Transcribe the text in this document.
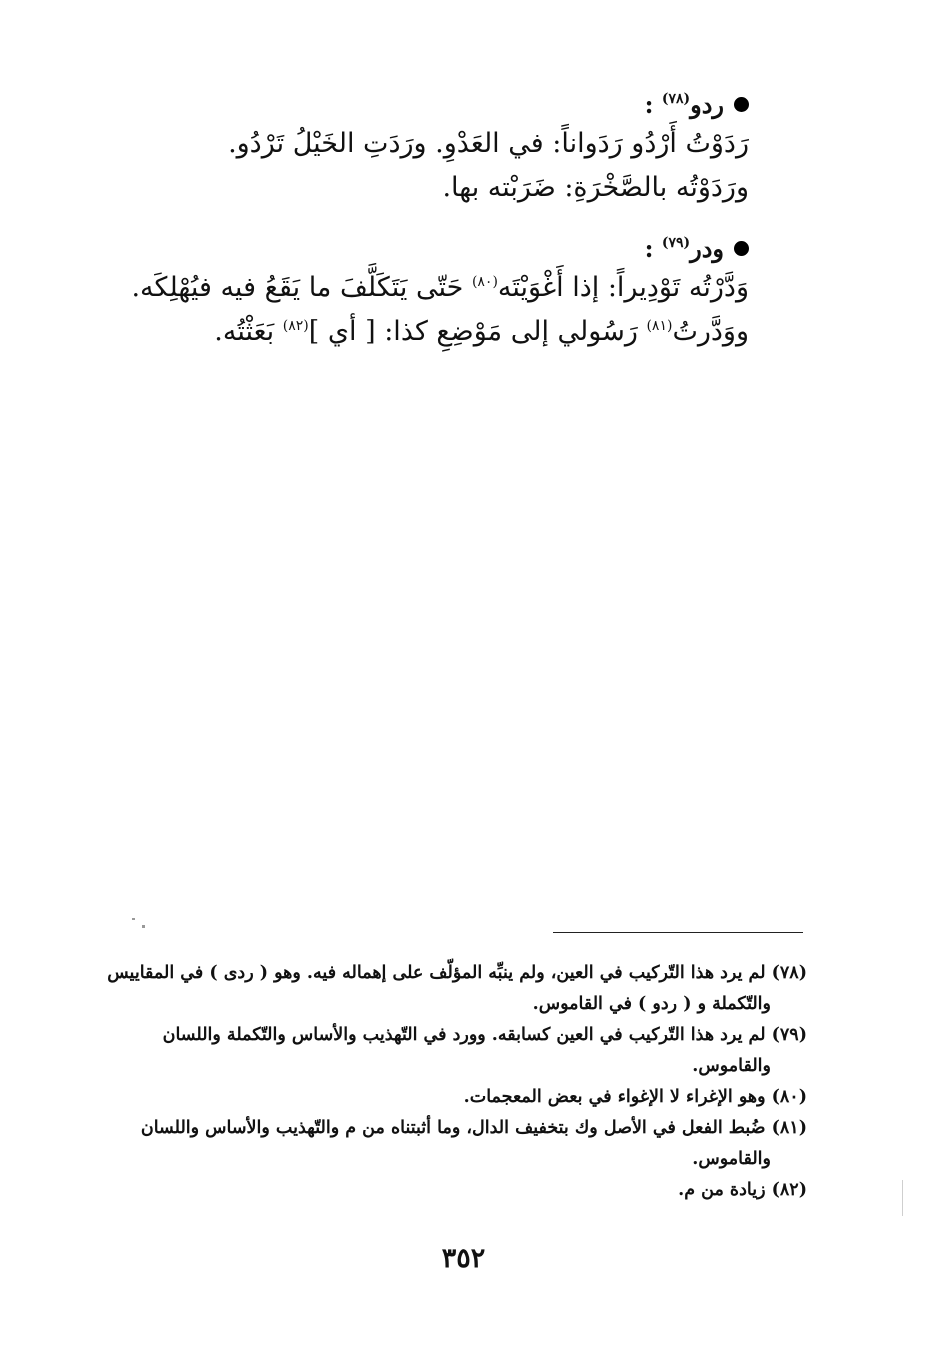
ردو$^{(٧٨)}$ :
رَدَوْتُ أَرْدُو رَدَواناً: في العَدْوِ. ورَدَتِ الخَيْلُ تَرْدُو.
ورَدَوْتُه بالصَّخْرَةِ: ضَرَبْته بها.
ودر$^{(٧٩)}$ :
وَدَّرْتُه تَوْدِيراً: إذا أَغْوَيْتَه$^{(٨٠)}$ حَتّى يَتَكَلَّفَ ما يَقَعُ فيه فيُهْلِكَه.
ووَدَّرتُ$^{(٨١)}$ رَسُولي إلى مَوْضِعِ كذا: [ أي ]$^{(٨٢)}$ بَعَثْتُه.
(٧٨) لم يرد هذا التّركيب في العين، ولم ينبِّه المؤلّف على إهماله فيه. وهو ( ردى ) في المقاييس
والتّكملة و ( ردو ) في القاموس.
(٧٩) لم يرد هذا التّركيب في العين كسابقه. وورد في التّهذيب والأساس والتّكملة واللسان
والقاموس.
(٨٠) وهو الإغراء لا الإغواء في بعض المعجمات.
(٨١) ضُبط الفعل في الأصل وك بتخفيف الدال، وما أثبتناه من م والتّهذيب والأساس واللسان
والقاموس.
(٨٢) زيادة من م.
٣٥٢
